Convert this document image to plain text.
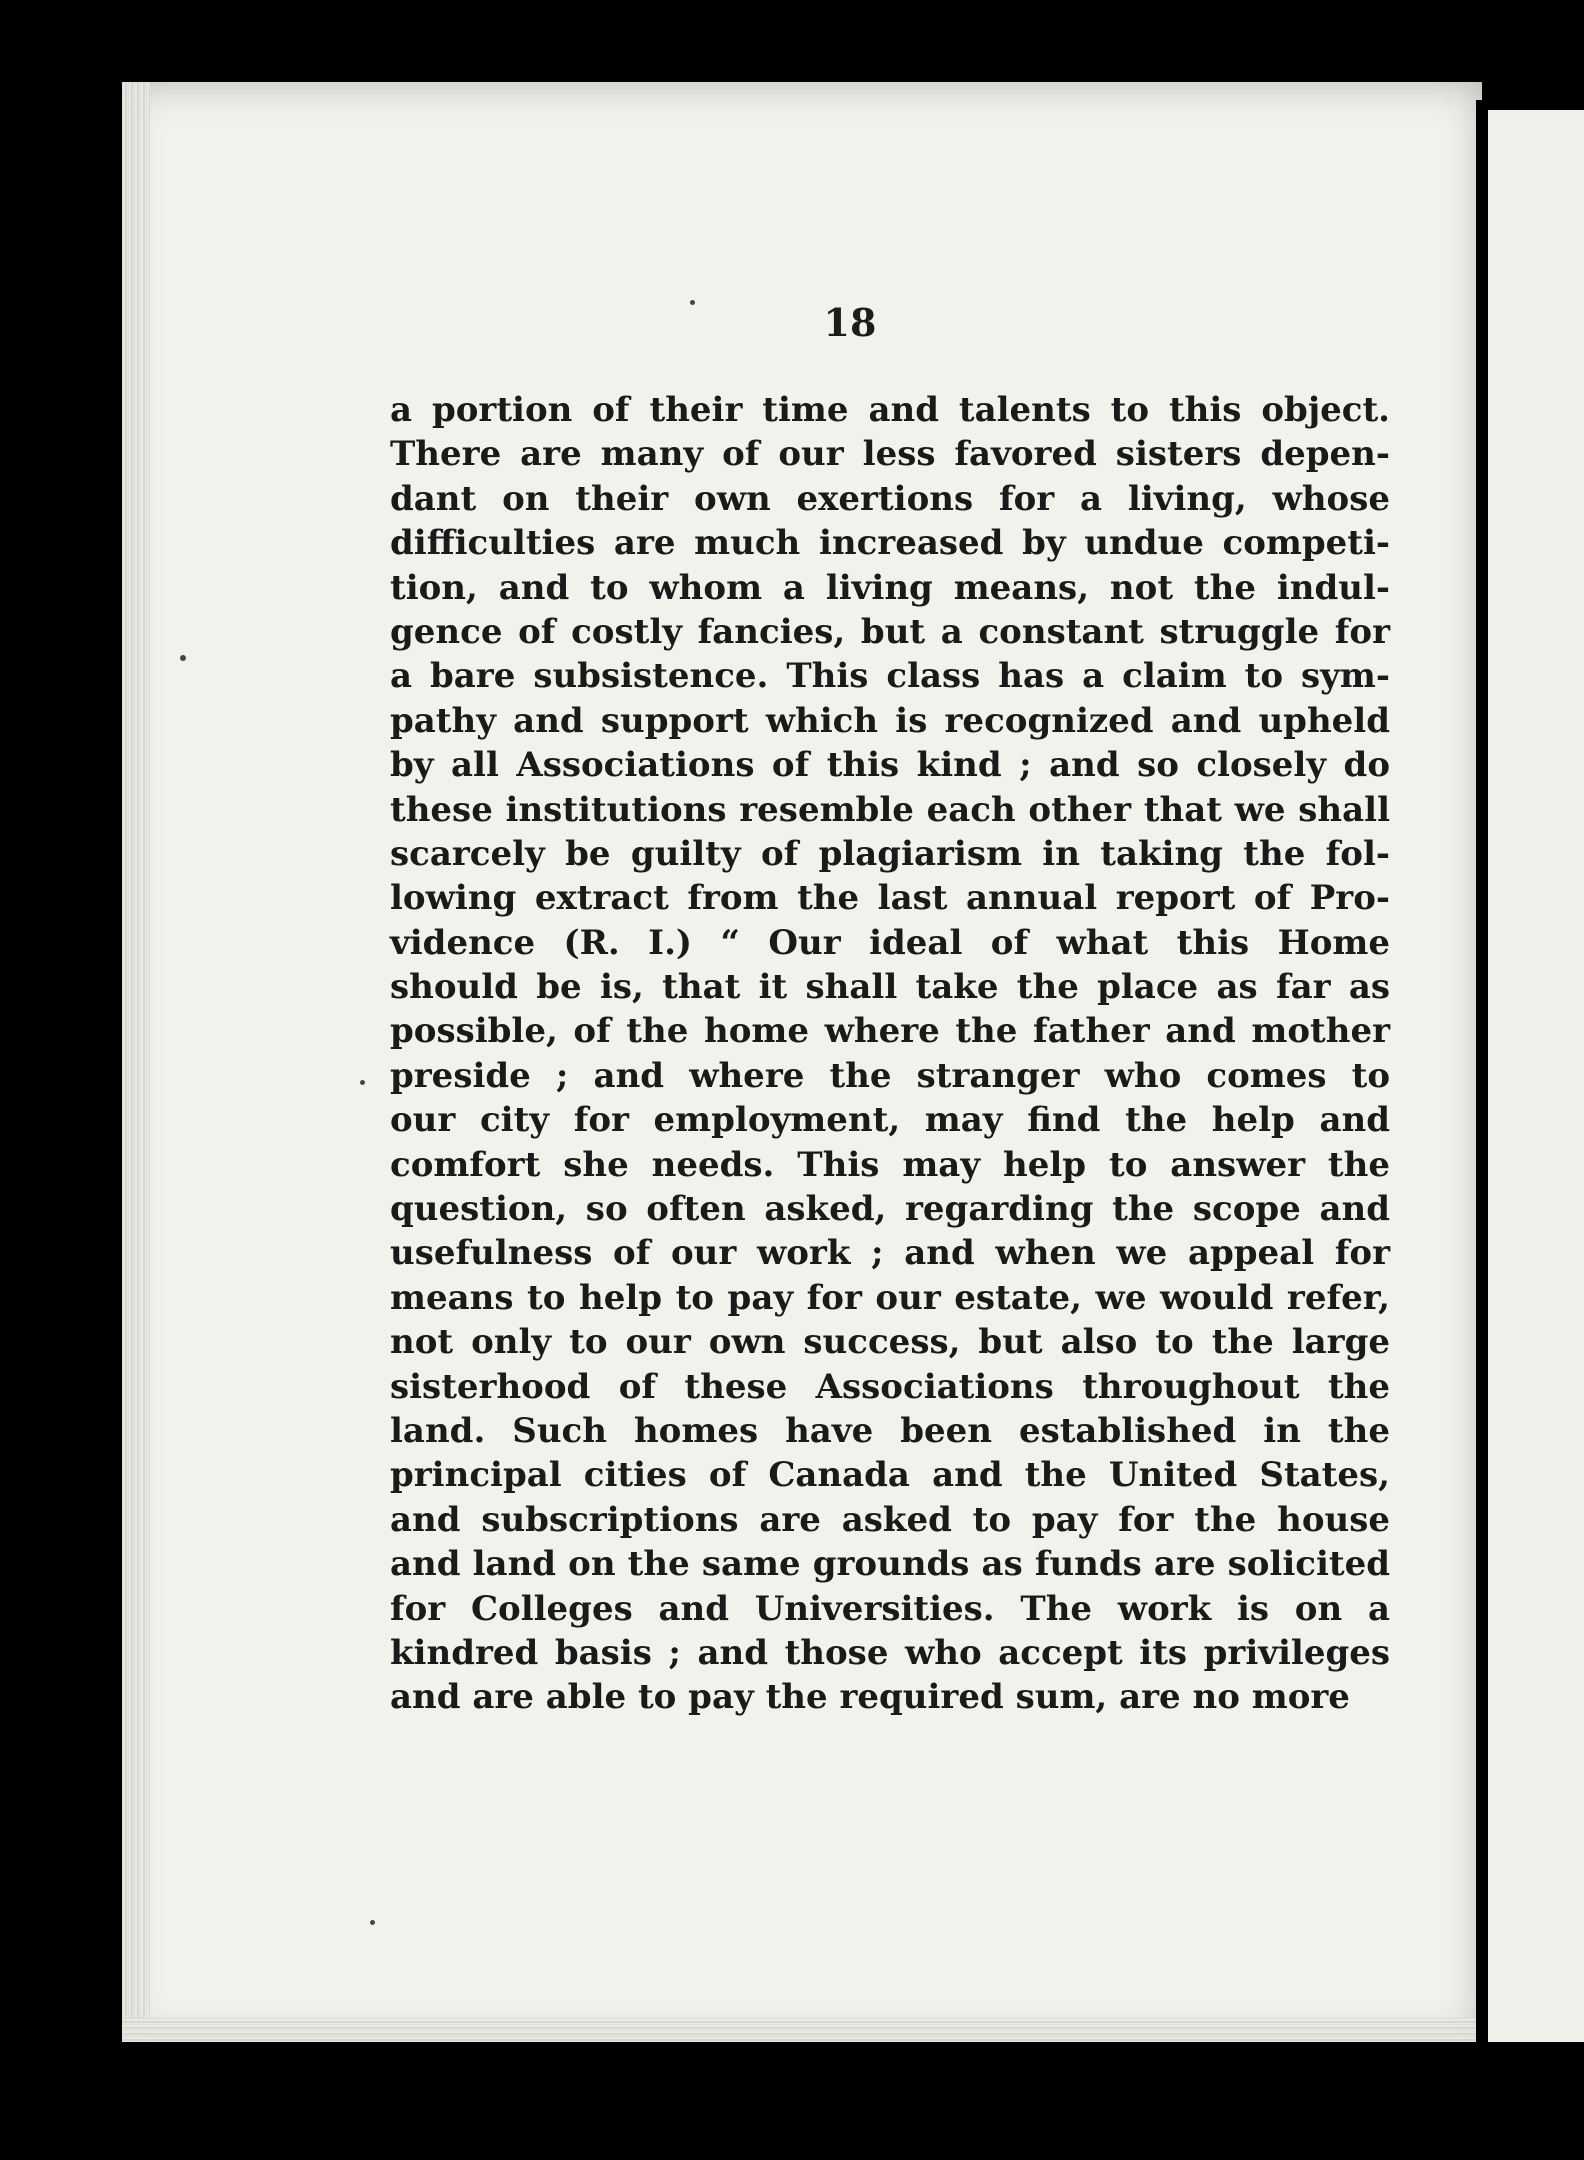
18
a portion of their time and talents to this object.
There are many of our less favored sisters depen-
dant on their own exertions for a living, whose
difficulties are much increased by undue competi-
tion, and to whom a living means, not the indul-
gence of costly fancies, but a constant struggle for
a bare subsistence. This class has a claim to sym-
pathy and support which is recognized and upheld
by all Associations of this kind ; and so closely do
these institutions resemble each other that we shall
scarcely be guilty of plagiarism in taking the fol-
lowing extract from the last annual report of Pro-
vidence (R. I.) “ Our ideal of what this Home
should be is, that it shall take the place as far as
possible, of the home where the father and mother
preside ; and where the stranger who comes to
our city for employment, may find the help and
comfort she needs. This may help to answer the
question, so often asked, regarding the scope and
usefulness of our work ; and when we appeal for
means to help to pay for our estate, we would refer,
not only to our own success, but also to the large
sisterhood of these Associations throughout the
land. Such homes have been established in the
principal cities of Canada and the United States,
and subscriptions are asked to pay for the house
and land on the same grounds as funds are solicited
for Colleges and Universities. The work is on a
kindred basis ; and those who accept its privileges
and are able to pay the required sum, are no more
